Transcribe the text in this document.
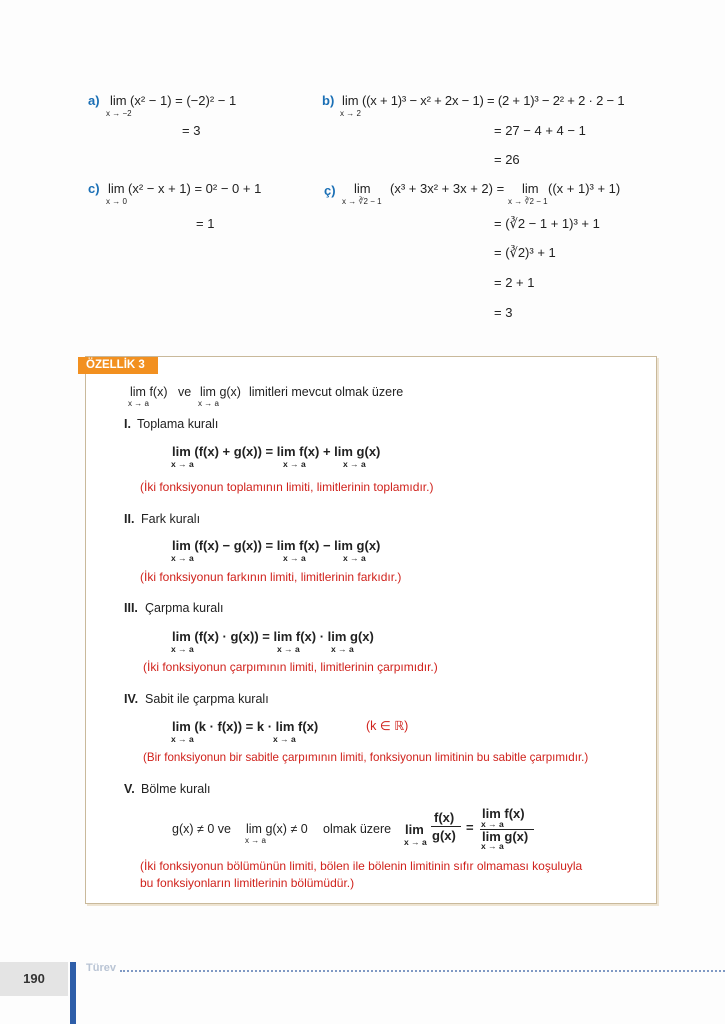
a) lim
x → −2
(x² − 1) = (−2)² − 1
= 3
b) lim
x → 2
((x + 1)³ − x² + 2x − 1) = (2 + 1)³ − 2² + 2 · 2 − 1
= 27 − 4 + 4 − 1
= 26
c) lim
x → 0
(x² − x + 1) = 0² − 0 + 1
= 1
ç) lim
x → ∛2 − 1
(x³ + 3x² + 3x + 2) = lim
x → ∛2 − 1
((x + 1)³ + 1)
= (∛2 − 1 + 1)³ + 1
= (∛2)³ + 1
= 2 + 1
= 3
ÖZELLİK 3
lim f(x)
x → a
ve lim g(x)
x → a
limitleri mevcut olmak üzere
I. Toplama kuralı
lim (f(x) + g(x)) = lim f(x) + lim g(x)
x → a	x → a	x → a
(İki fonksiyonun toplamının limiti, limitlerinin toplamıdır.)
II. Fark kuralı
lim (f(x) − g(x)) = lim f(x) − lim g(x)
x → a	x → a	x → a
(İki fonksiyonun farkının limiti, limitlerinin farkıdır.)
III. Çarpma kuralı
lim (f(x) · g(x)) = lim f(x) · lim g(x)
x → a	x → a	x → a
(İki fonksiyonun çarpımının limiti, limitlerinin çarpımıdır.)
IV. Sabit ile çarpma kuralı
lim (k · f(x)) = k · lim f(x)	(k ∈ ℝ)
x → a	x → a
(Bir fonksiyonun bir sabitle çarpımının limiti, fonksiyonun limitinin bu sabitle çarpımıdır.)
V. Bölme kuralı
g(x) ≠ 0 ve lim g(x) ≠ 0
x → a
olmak üzere lim
x → a
f(x)
g(x)
=
lim f(x)
x → a
lim g(x)
x → a
(İki fonksiyonun bölümünün limiti, bölen ile bölenin limitinin sıfır olmaması koşuluyla
bu fonksiyonların limitlerinin bölümüdür.)
190
Türev
